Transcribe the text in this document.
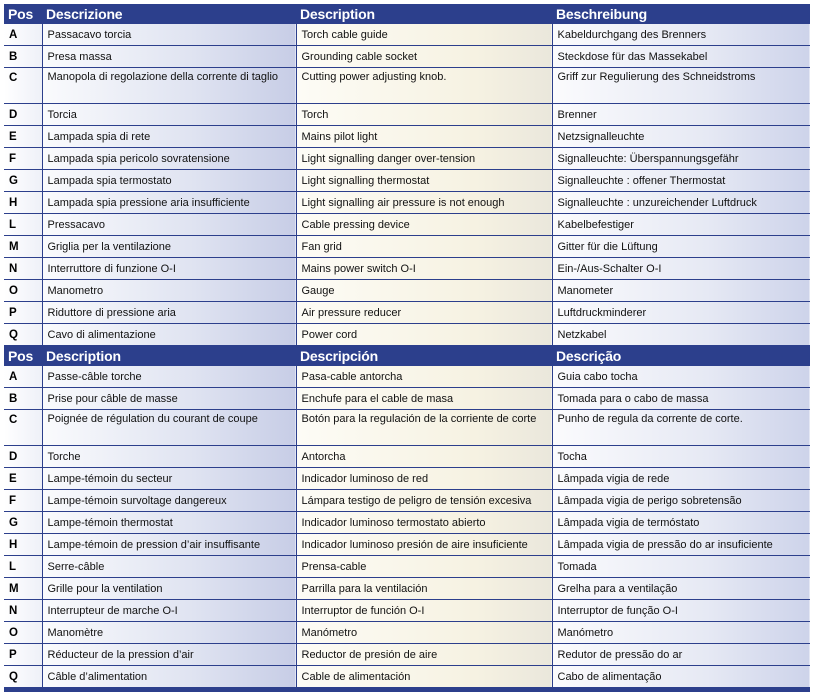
Pos	Descrizione	Description	Beschreibung
A	Passacavo torcia	Torch cable guide	Kabeldurchgang des Brenners
B	Presa massa	Grounding cable socket	Steckdose für das Massekabel
C	Manopola di regolazione della corrente di taglio	Cutting power adjusting knob.	Griff zur Regulierung des Schneidstroms
D	Torcia	Torch	Brenner
E	Lampada spia di rete	Mains pilot light	Netzsignalleuchte
F	Lampada spia pericolo sovratensione	Light signalling danger over-tension	Signalleuchte: Überspannungsgefähr
G	Lampada spia termostato	Light signalling thermostat	Signalleuchte : offener Thermostat
H	Lampada spia pressione aria insufficiente	Light signalling air pressure is not enough	Signalleuchte : unzureichender Luftdruck
L	Pressacavo	Cable pressing device	Kabelbefestiger
M	Griglia per la ventilazione	Fan grid	Gitter für die Lüftung
N	Interruttore di funzione O-I	Mains power switch O-I	Ein-/Aus-Schalter O-I
O	Manometro	Gauge	Manometer
P	Riduttore di pressione aria	Air pressure reducer	Luftdruckminderer
Q	Cavo di alimentazione	Power cord	Netzkabel
Pos	Description	Descripción	Descrição
A	Passe-câble torche	Pasa-cable antorcha	Guia cabo tocha
B	Prise pour câble de masse	Enchufe para el cable de masa	Tomada para o cabo de massa
C	Poignée de régulation du courant de coupe	Botón para la regulación de la corriente de corte	Punho de regula da corrente de corte.
D	Torche	Antorcha	Tocha
E	Lampe-témoin du secteur	Indicador luminoso de red	Lâmpada vigia de rede
F	Lampe-témoin survoltage dangereux	Lámpara testigo de peligro de tensión excesiva	Lâmpada vigia de perigo sobretensão
G	Lampe-témoin thermostat	Indicador luminoso termostato abierto	Lâmpada vigia de termóstato
H	Lampe-témoin de pression d’air insuffisante	Indicador luminoso presión de aire insuficiente	Lâmpada vigia de pressão do ar insuficiente
L	Serre-câble	Prensa-cable	Tomada
M	Grille pour la ventilation	Parrilla para la ventilación	Grelha para a ventilação
N	Interrupteur de marche O-I	Interruptor de función O-I	Interruptor de função O-I
O	Manomètre	Manómetro	Manómetro
P	Réducteur de la pression d’air	Reductor de presión de aire	Redutor de pressão do ar
Q	Câble d’alimentation	Cable de alimentación	Cabo de alimentação
